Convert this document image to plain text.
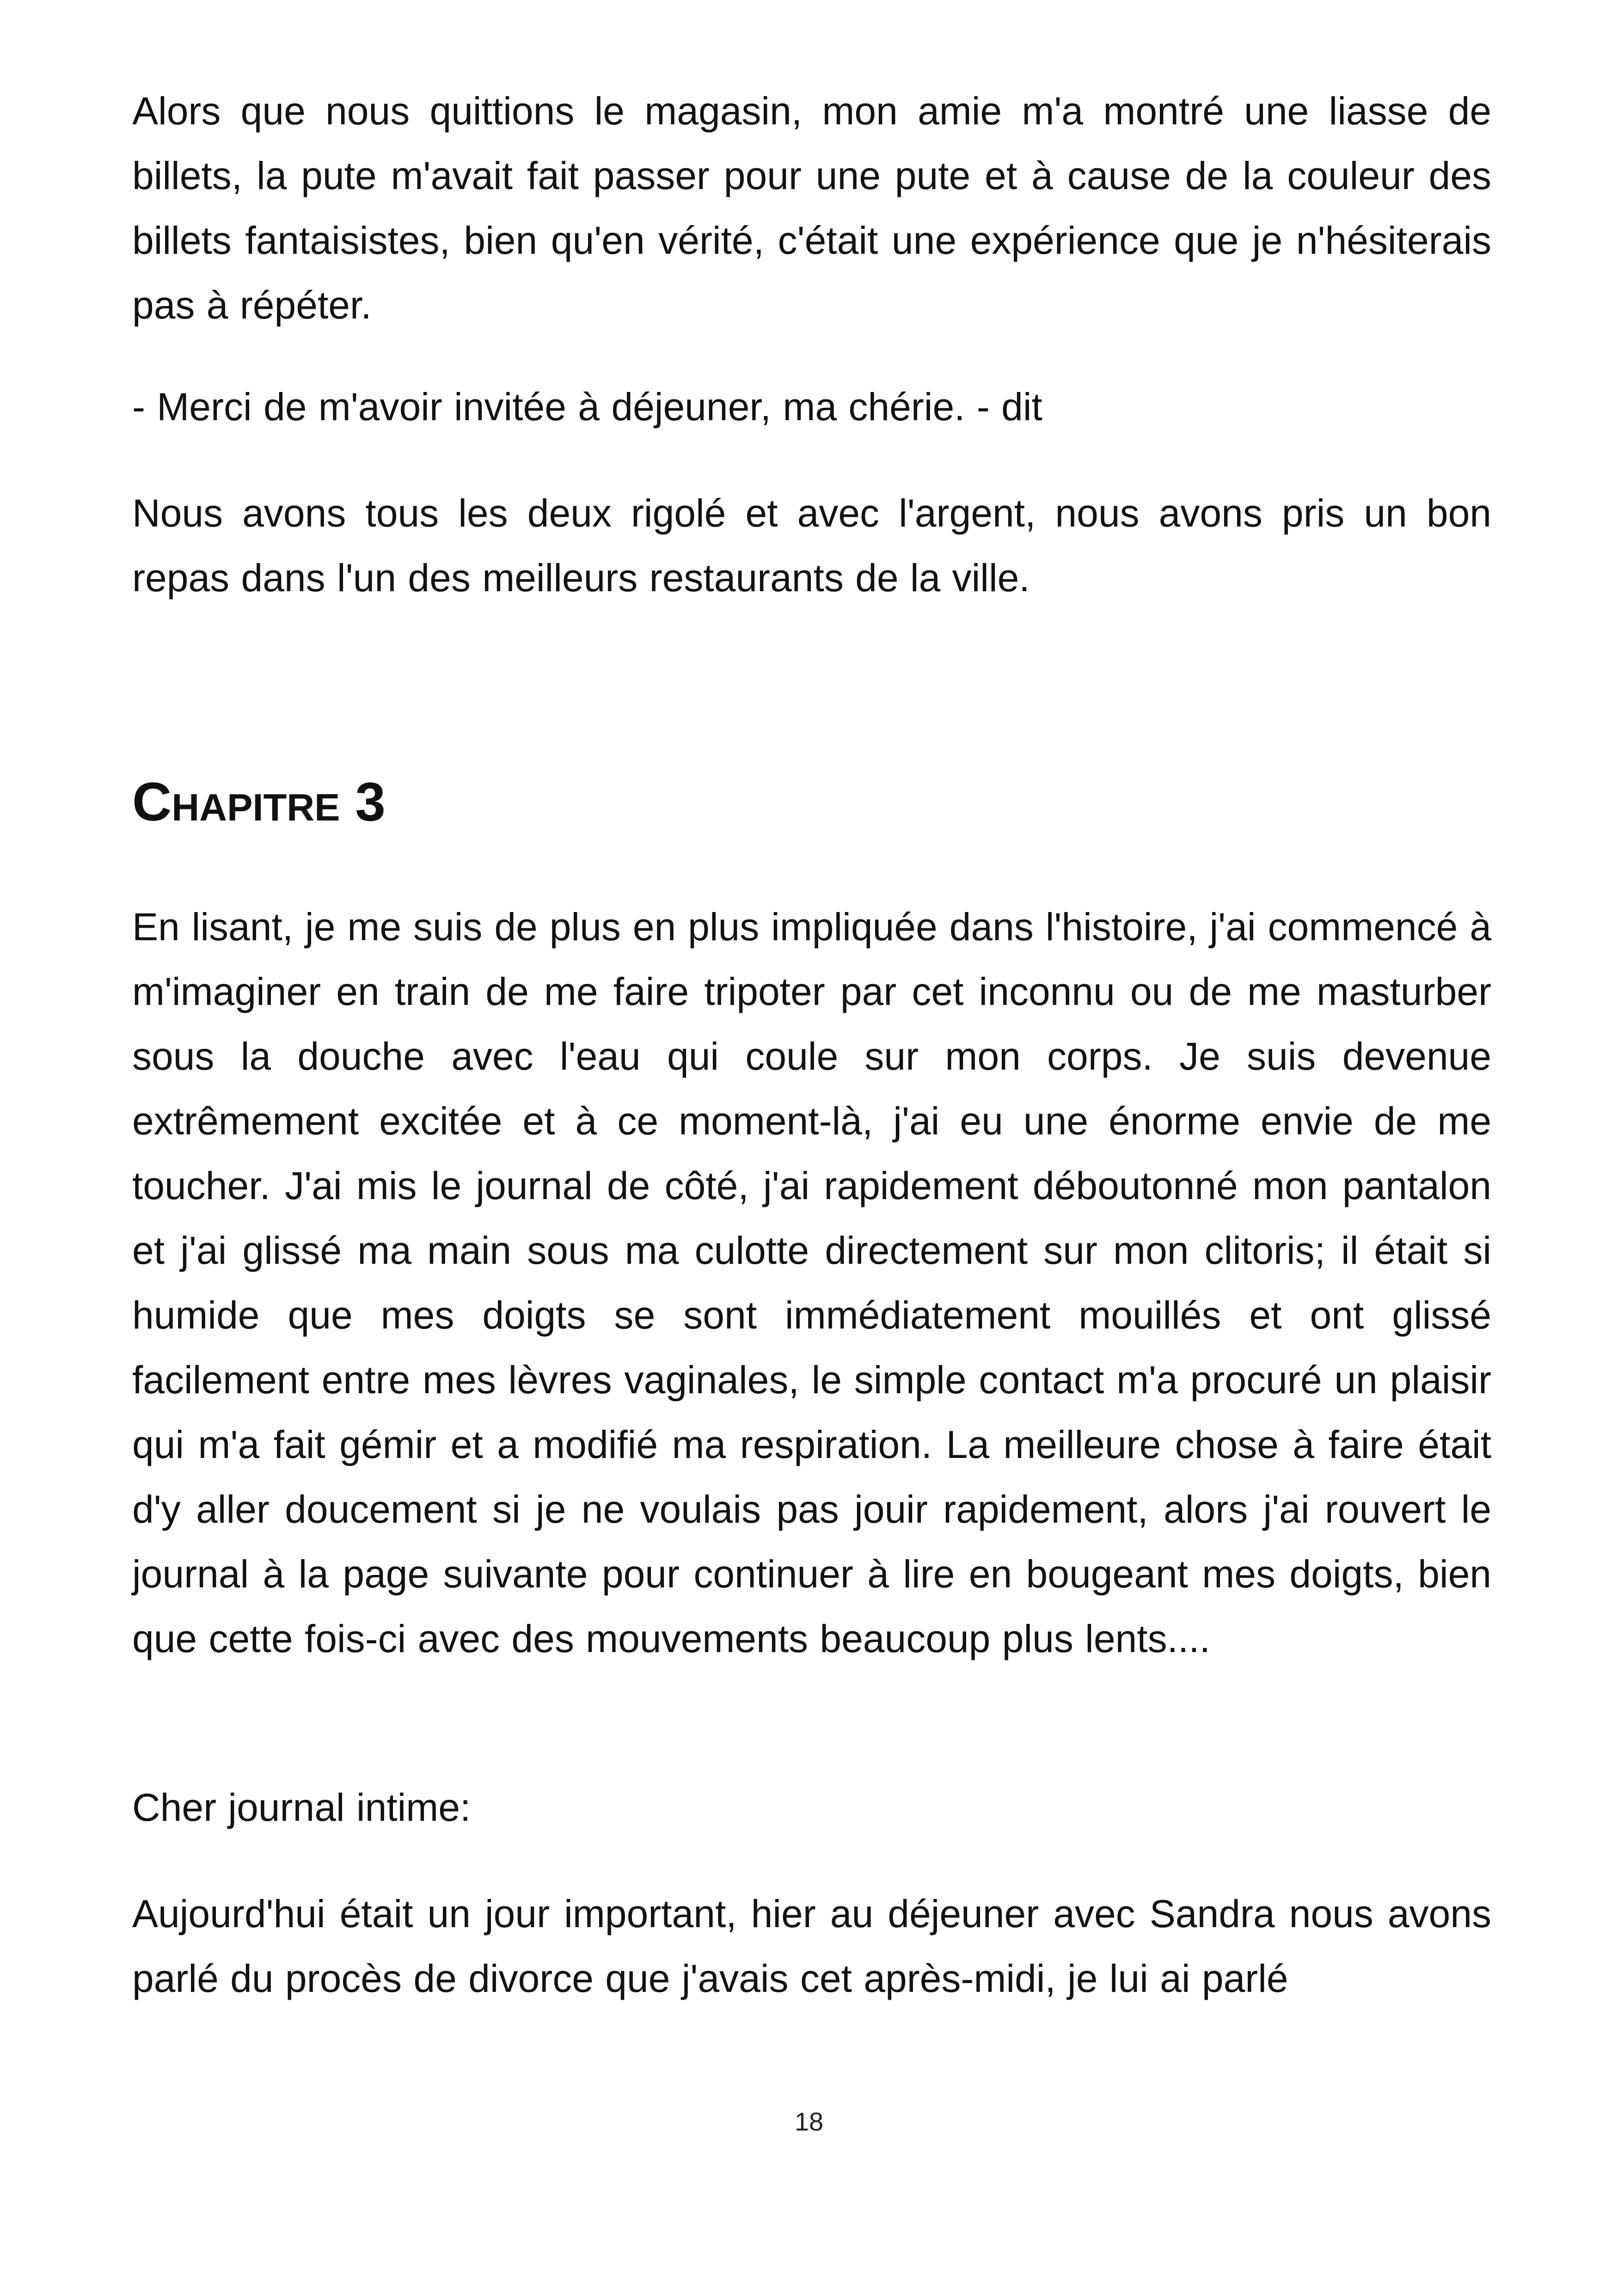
Alors que nous quittions le magasin, mon amie m'a montré une liasse de billets, la pute m'avait fait passer pour une pute et à cause de la couleur des billets fantaisistes, bien qu'en vérité, c'était une expérience que je n'hésiterais pas à répéter.

- Merci de m'avoir invitée à déjeuner, ma chérie. - dit

Nous avons tous les deux rigolé et avec l'argent, nous avons pris un bon repas dans l'un des meilleurs restaurants de la ville.

Chapitre 3

En lisant, je me suis de plus en plus impliquée dans l'histoire, j'ai commencé à m'imaginer en train de me faire tripoter par cet inconnu ou de me masturber sous la douche avec l'eau qui coule sur mon corps. Je suis devenue extrêmement excitée et à ce moment-là, j'ai eu une énorme envie de me toucher. J'ai mis le journal de côté, j'ai rapidement déboutonné mon pantalon et j'ai glissé ma main sous ma culotte directement sur mon clitoris; il était si humide que mes doigts se sont immédiatement mouillés et ont glissé facilement entre mes lèvres vaginales, le simple contact m'a procuré un plaisir qui m'a fait gémir et a modifié ma respiration. La meilleure chose à faire était d'y aller doucement si je ne voulais pas jouir rapidement, alors j'ai rouvert le journal à la page suivante pour continuer à lire en bougeant mes doigts, bien que cette fois-ci avec des mouvements beaucoup plus lents....

Cher journal intime:

Aujourd'hui était un jour important, hier au déjeuner avec Sandra nous avons parlé du procès de divorce que j'avais cet après-midi, je lui ai parlé

18
